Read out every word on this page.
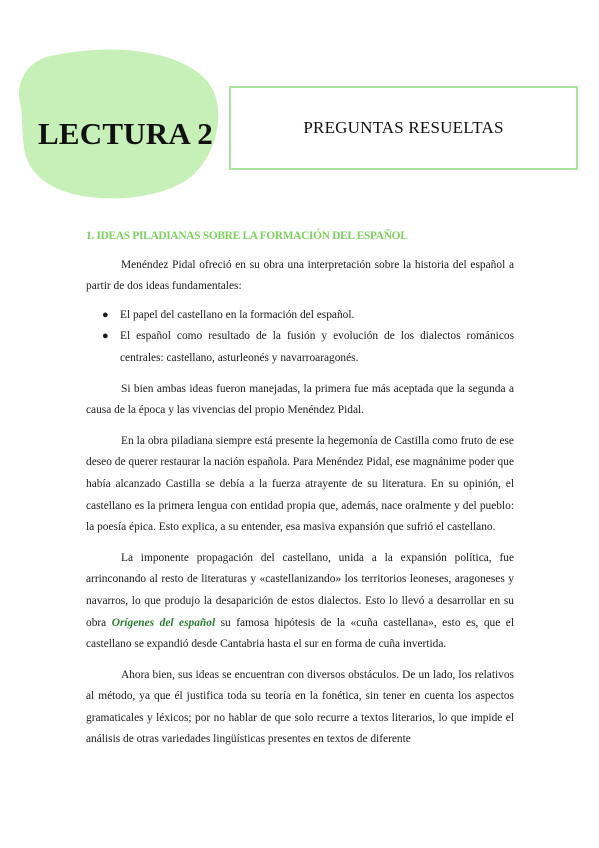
LECTURA 2	PREGUNTAS RESUELTAS
1. IDEAS PILADIANAS SOBRE LA FORMACIÓN DEL ESPAÑOL

Menéndez Pidal ofreció en su obra una interpretación sobre la historia del español a partir de dos ideas fundamentales:

● El papel del castellano en la formación del español.
● El español como resultado de la fusión y evolución de los dialectos románicos centrales: castellano, asturleonés y navarroaragonés.

Si bien ambas ideas fueron manejadas, la primera fue más aceptada que la segunda a causa de la época y las vivencias del propio Menéndez Pidal.

En la obra piladiana siempre está presente la hegemonía de Castilla como fruto de ese deseo de querer restaurar la nación española. Para Menéndez Pidal, ese magnánime poder que había alcanzado Castilla se debía a la fuerza atrayente de su literatura. En su opinión, el castellano es la primera lengua con entidad propia que, además, nace oralmente y del pueblo: la poesía épica. Esto explica, a su entender, esa masiva expansión que sufrió el castellano.

La imponente propagación del castellano, unida a la expansión política, fue arrinconando al resto de literaturas y «castellanizando» los territorios leoneses, aragoneses y navarros, lo que produjo la desaparición de estos dialectos. Esto lo llevó a desarrollar en su obra Orígenes del español su famosa hipótesis de la «cuña castellana», esto es, que el castellano se expandió desde Cantabria hasta el sur en forma de cuña invertida.

Ahora bien, sus ideas se encuentran con diversos obstáculos. De un lado, los relativos al método, ya que él justifica toda su teoría en la fonética, sin tener en cuenta los aspectos gramaticales y léxicos; por no hablar de que solo recurre a textos literarios, lo que impide el análisis de otras variedades lingüísticas presentes en textos de diferente
